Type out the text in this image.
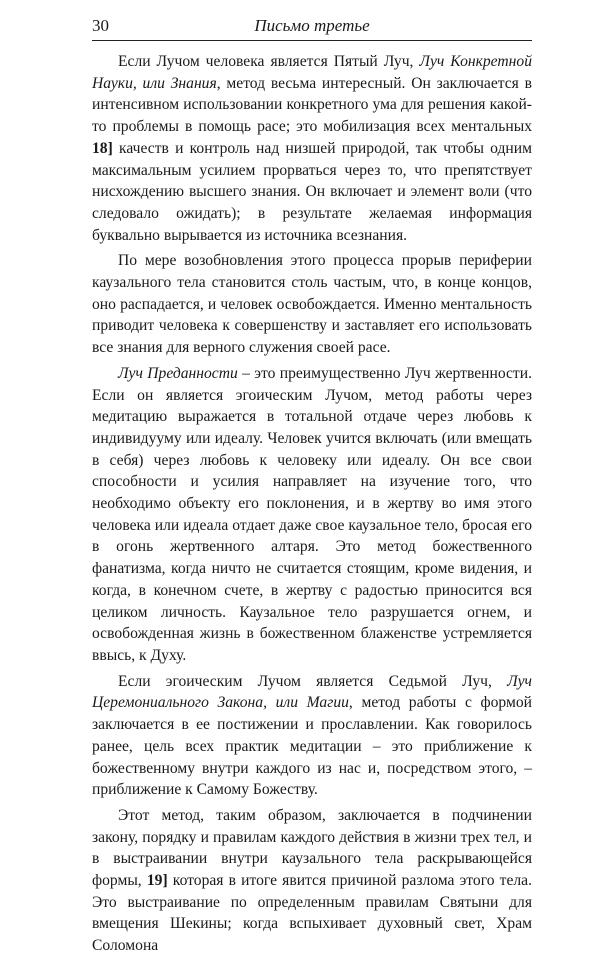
30	Письмо третье

Если Лучом человека является Пятый Луч, Луч Конкретной Науки, или Знания, метод весьма интересный. Он заключается в интенсивном использовании конкретного ума для решения какой-то проблемы в помощь расе; это мобилизация всех ментальных 18] качеств и контроль над низшей природой, так чтобы одним максимальным усилием прорваться через то, что препятствует нисхождению высшего знания. Он включает и элемент воли (что следовало ожидать); в результате желаемая информация буквально вырывается из источника всезнания.

По мере возобновления этого процесса прорыв периферии каузального тела становится столь частым, что, в конце концов, оно распадается, и человек освобождается. Именно ментальность приводит человека к совершенству и заставляет его использовать все знания для верного служения своей расе.

Луч Преданности – это преимущественно Луч жертвенности. Если он является эгоическим Лучом, метод работы через медитацию выражается в тотальной отдаче через любовь к индивидууму или идеалу. Человек учится включать (или вмещать в себя) через любовь к человеку или идеалу. Он все свои способности и усилия направляет на изучение того, что необходимо объекту его поклонения, и в жертву во имя этого человека или идеала отдает даже свое каузальное тело, бросая его в огонь жертвенного алтаря. Это метод божественного фанатизма, когда ничто не считается стоящим, кроме видения, и когда, в конечном счете, в жертву с радостью приносится вся целиком личность. Каузальное тело разрушается огнем, и освобожденная жизнь в божественном блаженстве устремляется ввысь, к Духу.

Если эгоическим Лучом является Седьмой Луч, Луч Церемониального Закона, или Магии, метод работы с формой заключается в ее постижении и прославлении. Как говорилось ранее, цель всех практик медитации – это приближение к божественному внутри каждого из нас и, посредством этого, – приближение к Самому Божеству.

Этот метод, таким образом, заключается в подчинении закону, порядку и правилам каждого действия в жизни трех тел, и в выстраивании внутри каузального тела раскрывающейся формы, 19] которая в итоге явится причиной разлома этого тела. Это выстраивание по определенным правилам Святыни для вмещения Шекины; когда вспыхивает духовный свет, Храм Соломона
